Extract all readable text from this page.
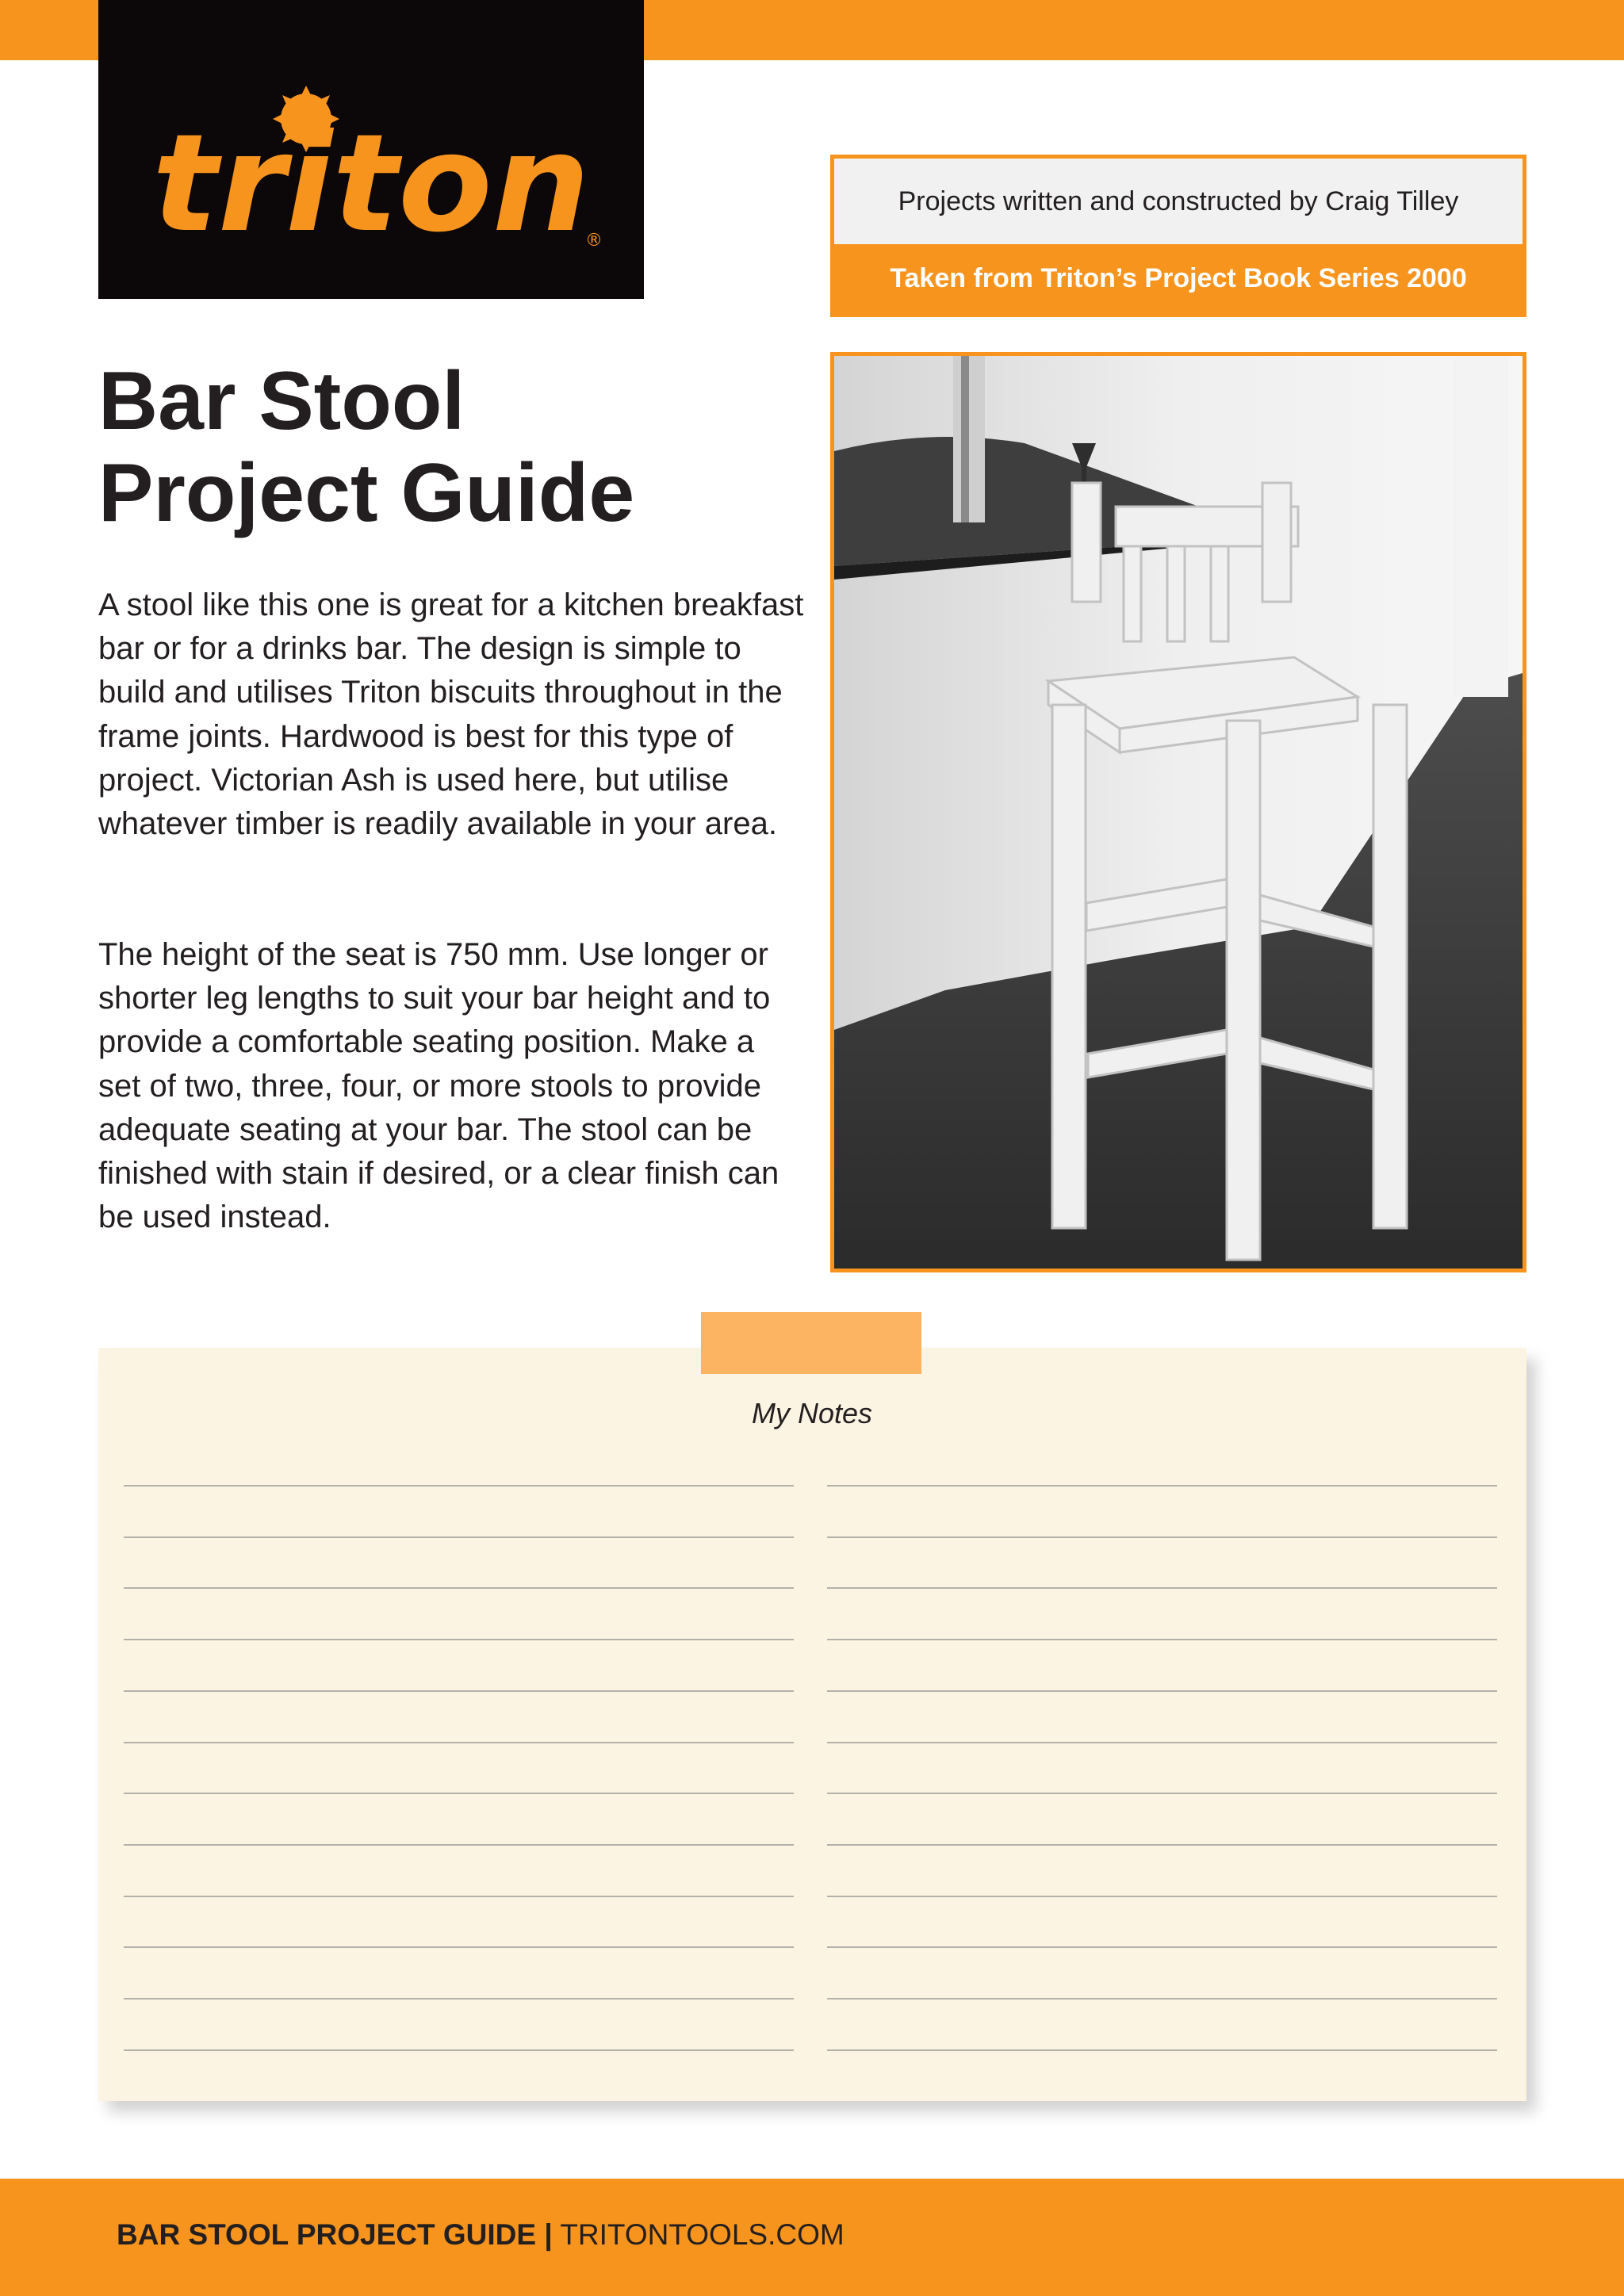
triton
®
Projects written and constructed by Craig Tilley
Taken from Triton’s Project Book Series 2000
Bar Stool
Project Guide

A stool like this one is great for a kitchen breakfast bar or for a drinks bar. The design is simple to build and utilises Triton biscuits throughout in the frame joints. Hardwood is best for this type of project. Victorian Ash is used here, but utilise whatever timber is readily available in your area.

The height of the seat is 750 mm. Use longer or shorter leg lengths to suit your bar height and to provide a comfortable seating position. Make a set of two, three, four, or more stools to provide adequate seating at your bar. The stool can be finished with stain if desired, or a clear finish can be used instead.

My Notes
BAR STOOL PROJECT GUIDE | TRITONTOOLS.COM
